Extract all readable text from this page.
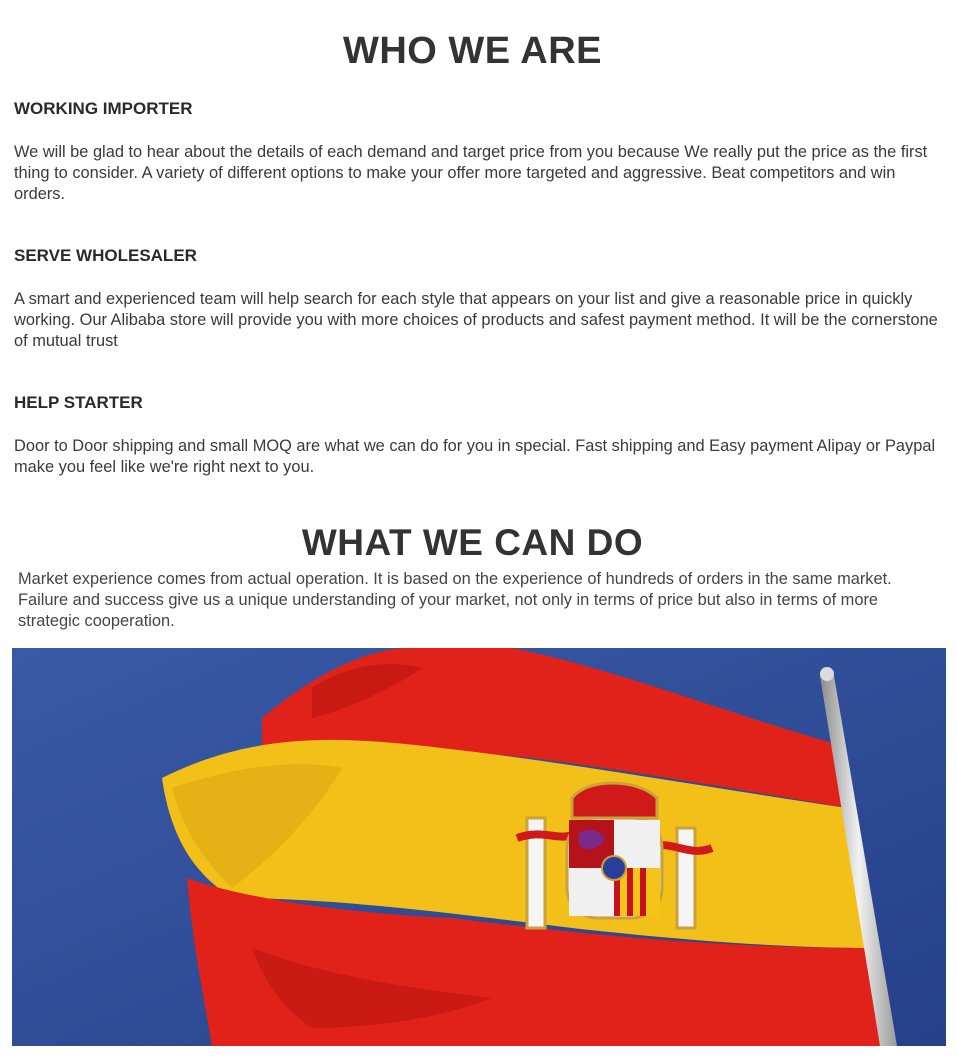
WHO WE ARE
WORKING IMPORTER

We will be glad to hear about the details of each demand and target price from you because We really put the price as the first thing to consider. A variety of different options to make your offer more targeted and aggressive. Beat competitors and win orders.

SERVE WHOLESALER

A smart and experienced team will help search for each style that appears on your list and give a reasonable price in quickly working. Our Alibaba store will provide you with more choices of products and safest payment method. It will be the cornerstone of mutual trust

HELP STARTER

Door to Door shipping and small MOQ are what we can do for you in special. Fast shipping and Easy payment Alipay or Paypal make you feel like we're right next to you.

WHAT WE CAN DO

Market experience comes from actual operation. It is based on the experience of hundreds of orders in the same market. Failure and success give us a unique understanding of your market, not only in terms of price but also in terms of more strategic cooperation.
